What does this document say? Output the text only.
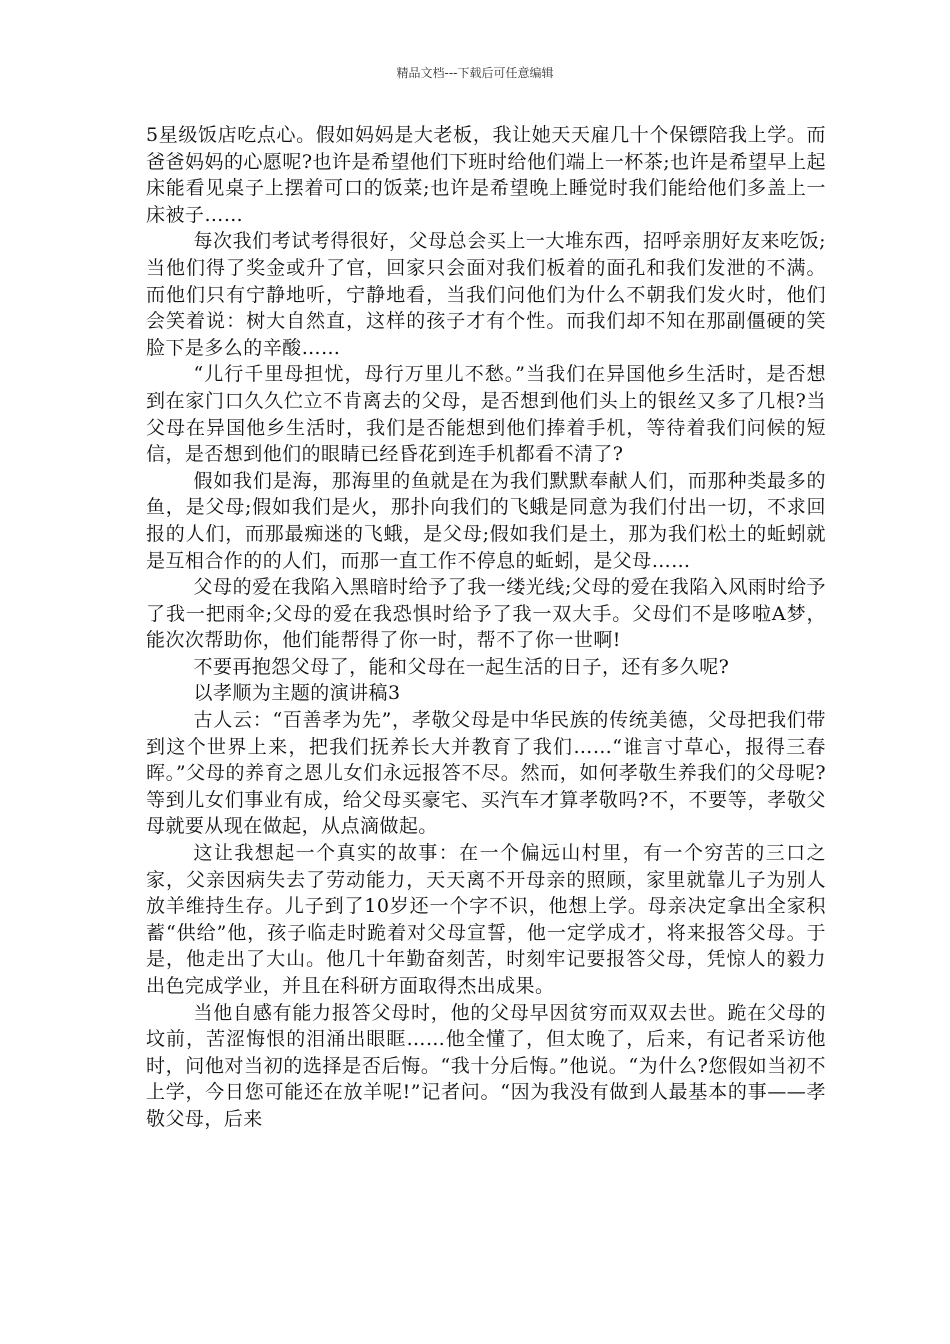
精品文档---下载后可任意编辑

5星级饭店吃点心。假如妈妈是大老板，我让她天天雇几十个保镖陪我上学。而爸爸妈妈的心愿呢?也许是希望他们下班时给他们端上一杯茶;也许是希望早上起床能看见桌子上摆着可口的饭菜;也许是希望晚上睡觉时我们能给他们多盖上一床被子……

每次我们考试考得很好，父母总会买上一大堆东西，招呼亲朋好友来吃饭;当他们得了奖金或升了官，回家只会面对我们板着的面孔和我们发泄的不满。而他们只有宁静地听，宁静地看，当我们问他们为什么不朝我们发火时，他们会笑着说：树大自然直，这样的孩子才有个性。而我们却不知在那副僵硬的笑脸下是多么的辛酸……

“儿行千里母担忧，母行万里儿不愁。”当我们在异国他乡生活时，是否想到在家门口久久伫立不肯离去的父母，是否想到他们头上的银丝又多了几根?当父母在异国他乡生活时，我们是否能想到他们捧着手机，等待着我们问候的短信，是否想到他们的眼睛已经昏花到连手机都看不清了?

假如我们是海，那海里的鱼就是在为我们默默奉献人们，而那种类最多的鱼，是父母;假如我们是火，那扑向我们的飞蛾是同意为我们付出一切，不求回报的人们，而那最痴迷的飞蛾，是父母;假如我们是土，那为我们松土的蚯蚓就是互相合作的的人们，而那一直工作不停息的蚯蚓，是父母……

父母的爱在我陷入黑暗时给予了我一缕光线;父母的爱在我陷入风雨时给予了我一把雨伞;父母的爱在我恐惧时给予了我一双大手。父母们不是哆啦A梦，能次次帮助你，他们能帮得了你一时，帮不了你一世啊!

不要再抱怨父母了，能和父母在一起生活的日子，还有多久呢?

以孝顺为主题的演讲稿3

古人云：“百善孝为先”，孝敬父母是中华民族的传统美德，父母把我们带到这个世界上来，把我们抚养长大并教育了我们……“谁言寸草心，报得三春晖。”父母的养育之恩儿女们永远报答不尽。然而，如何孝敬生养我们的父母呢?等到儿女们事业有成，给父母买豪宅、买汽车才算孝敬吗?不，不要等，孝敬父母就要从现在做起，从点滴做起。

这让我想起一个真实的故事：在一个偏远山村里，有一个穷苦的三口之家，父亲因病失去了劳动能力，天天离不开母亲的照顾，家里就靠儿子为别人放羊维持生存。儿子到了10岁还一个字不识，他想上学。母亲决定拿出全家积蓄“供给”他，孩子临走时跪着对父母宣誓，他一定学成才，将来报答父母。于是，他走出了大山。他几十年勤奋刻苦，时刻牢记要报答父母，凭惊人的毅力出色完成学业，并且在科研方面取得杰出成果。

当他自感有能力报答父母时，他的父母早因贫穷而双双去世。跪在父母的坟前，苦涩悔恨的泪涌出眼眶……他全懂了，但太晚了，后来，有记者采访他时，问他对当初的选择是否后悔。“我十分后悔。”他说。“为什么?您假如当初不上学，今日您可能还在放羊呢!”记者问。“因为我没有做到人最基本的事——孝敬父母，后来
